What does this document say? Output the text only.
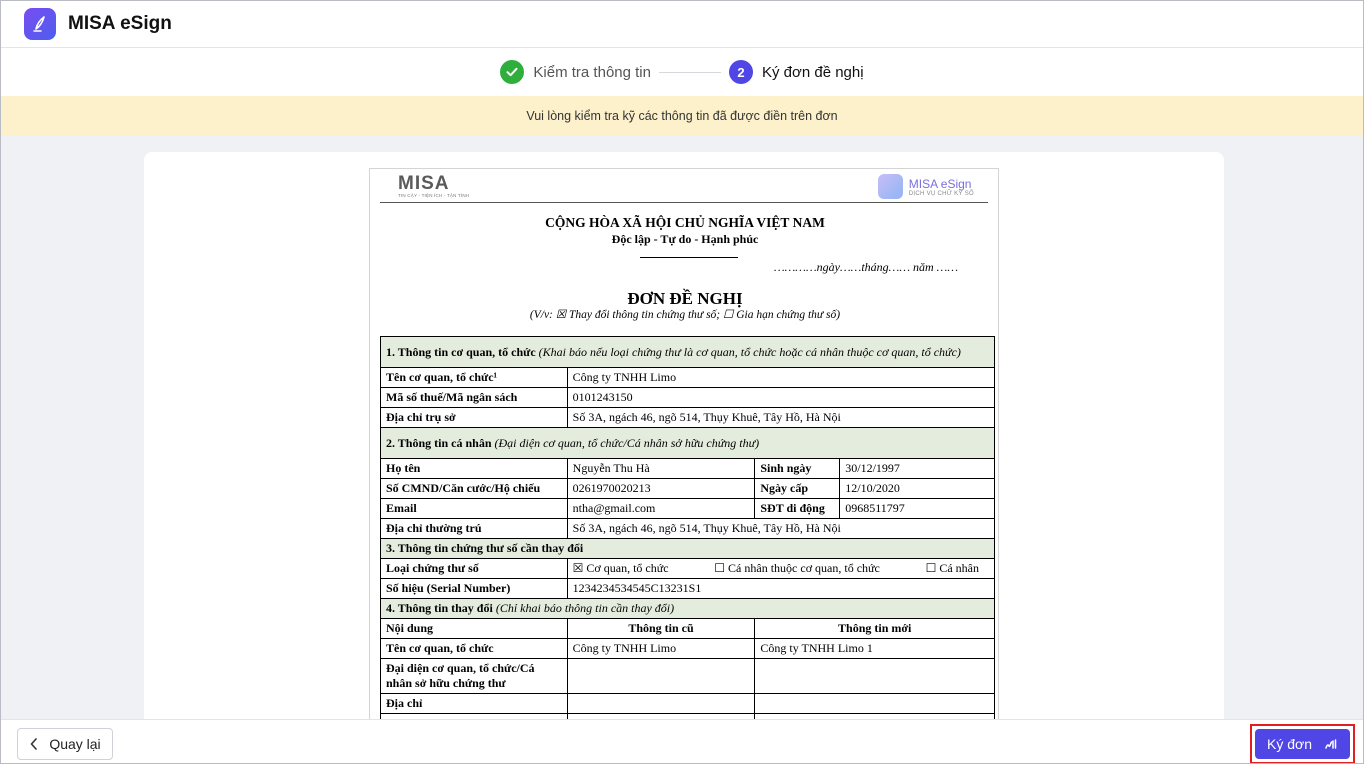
MISA eSign
Kiểm tra thông tin	2	Ký đơn đề nghị
Vui lòng kiểm tra kỹ các thông tin đã được điền trên đơn
MISA
TIN CẬY - TIỆN ÍCH - TẬN TÌNH
MISA eSign
DỊCH VỤ CHỮ KÝ SỐ
CỘNG HÒA XÃ HỘI CHỦ NGHĨA VIỆT NAM
Độc lập - Tự do - Hạnh phúc
…………ngày……tháng…… năm ……
ĐƠN ĐỀ NGHỊ
(V/v: ☒ Thay đổi thông tin chứng thư số; ☐ Gia hạn chứng thư số)
1. Thông tin cơ quan, tổ chức (Khai báo nếu loại chứng thư là cơ quan, tổ chức hoặc cá nhân thuộc cơ quan, tổ chức)			
Tên cơ quan, tổ chức¹	Công ty TNHH Limo		
Mã số thuế/Mã ngân sách	0101243150		
Địa chỉ trụ sở	Số 3A, ngách 46, ngõ 514, Thụy Khuê, Tây Hồ, Hà Nội		
2. Thông tin cá nhân (Đại diện cơ quan, tổ chức/Cá nhân sở hữu chứng thư)			
Họ tên	Nguyễn Thu Hà	Sinh ngày	30/12/1997
Số CMND/Căn cước/Hộ chiếu	0261970020213	Ngày cấp	12/10/2020
Email	ntha@gmail.com	SĐT di động	0968511797
Địa chỉ thường trú	Số 3A, ngách 46, ngõ 514, Thụy Khuê, Tây Hồ, Hà Nội		
3. Thông tin chứng thư số cần thay đổi			
Loại chứng thư số	☒ Cơ quan, tổ chức ☐ Cá nhân thuộc cơ quan, tổ chức ☐ Cá nhân		

Số hiệu (Serial Number)	1234234534545C13231S1		
4. Thông tin thay đổi (Chỉ khai báo thông tin cần thay đổi)			
Nội dung	Thông tin cũ	Thông tin mới	
Tên cơ quan, tổ chức	Công ty TNHH Limo	Công ty TNHH Limo 1	
Đại diện cơ quan, tổ chức/Cá nhân sở hữu chứng thư			
Địa chỉ			

Quay lại	Ký đơn
